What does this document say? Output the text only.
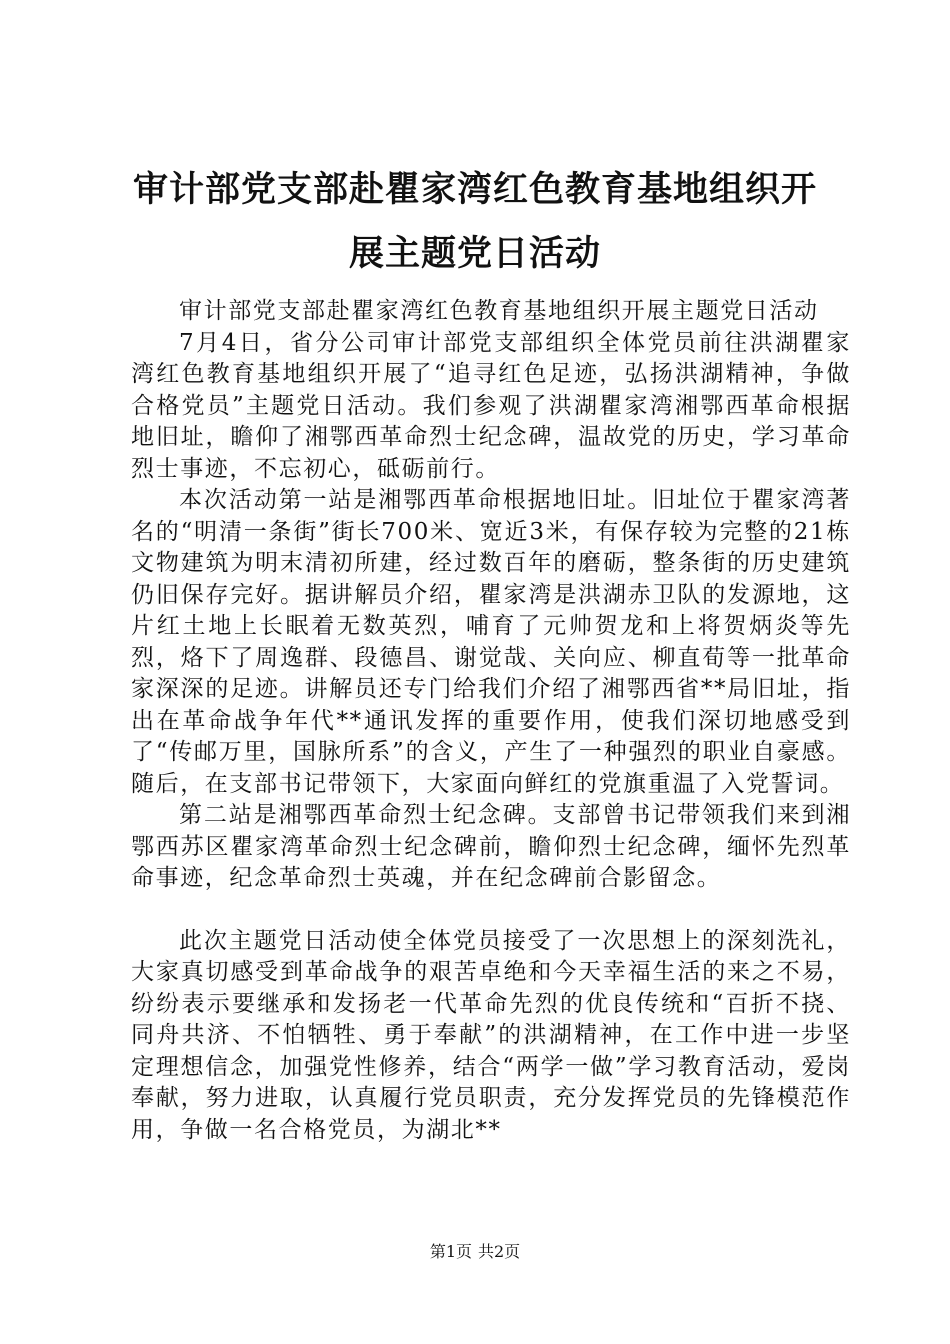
审计部党支部赴瞿家湾红色教育基地组织开展主题党日活动

审计部党支部赴瞿家湾红色教育基地组织开展主题党日活动

7月4日，省分公司审计部党支部组织全体党员前往洪湖瞿家湾红色教育基地组织开展了“追寻红色足迹，弘扬洪湖精神，争做合格党员”主题党日活动。我们参观了洪湖瞿家湾湘鄂西革命根据地旧址，瞻仰了湘鄂西革命烈士纪念碑，温故党的历史，学习革命烈士事迹，不忘初心，砥砺前行。

本次活动第一站是湘鄂西革命根据地旧址。旧址位于瞿家湾著名的“明清一条街”街长700米、宽近3米，有保存较为完整的21栋文物建筑为明末清初所建，经过数百年的磨砺，整条街的历史建筑仍旧保存完好。据讲解员介绍，瞿家湾是洪湖赤卫队的发源地，这片红土地上长眠着无数英烈，哺育了元帅贺龙和上将贺炳炎等先烈，烙下了周逸群、段德昌、谢觉哉、关向应、柳直荀等一批革命家深深的足迹。讲解员还专门给我们介绍了湘鄂西省**局旧址，指出在革命战争年代**通讯发挥的重要作用，使我们深切地感受到了“传邮万里，国脉所系”的含义，产生了一种强烈的职业自豪感。随后，在支部书记带领下，大家面向鲜红的党旗重温了入党誓词。

第二站是湘鄂西革命烈士纪念碑。支部曾书记带领我们来到湘鄂西苏区瞿家湾革命烈士纪念碑前，瞻仰烈士纪念碑，缅怀先烈革命事迹，纪念革命烈士英魂，并在纪念碑前合影留念。

此次主题党日活动使全体党员接受了一次思想上的深刻洗礼，大家真切感受到革命战争的艰苦卓绝和今天幸福生活的来之不易，纷纷表示要继承和发扬老一代革命先烈的优良传统和“百折不挠、同舟共济、不怕牺牲、勇于奉献”的洪湖精神，在工作中进一步坚定理想信念，加强党性修养，结合“两学一做”学习教育活动，爱岗奉献，努力进取，认真履行党员职责，充分发挥党员的先锋模范作用，争做一名合格党员，为湖北**

第1页 共2页
